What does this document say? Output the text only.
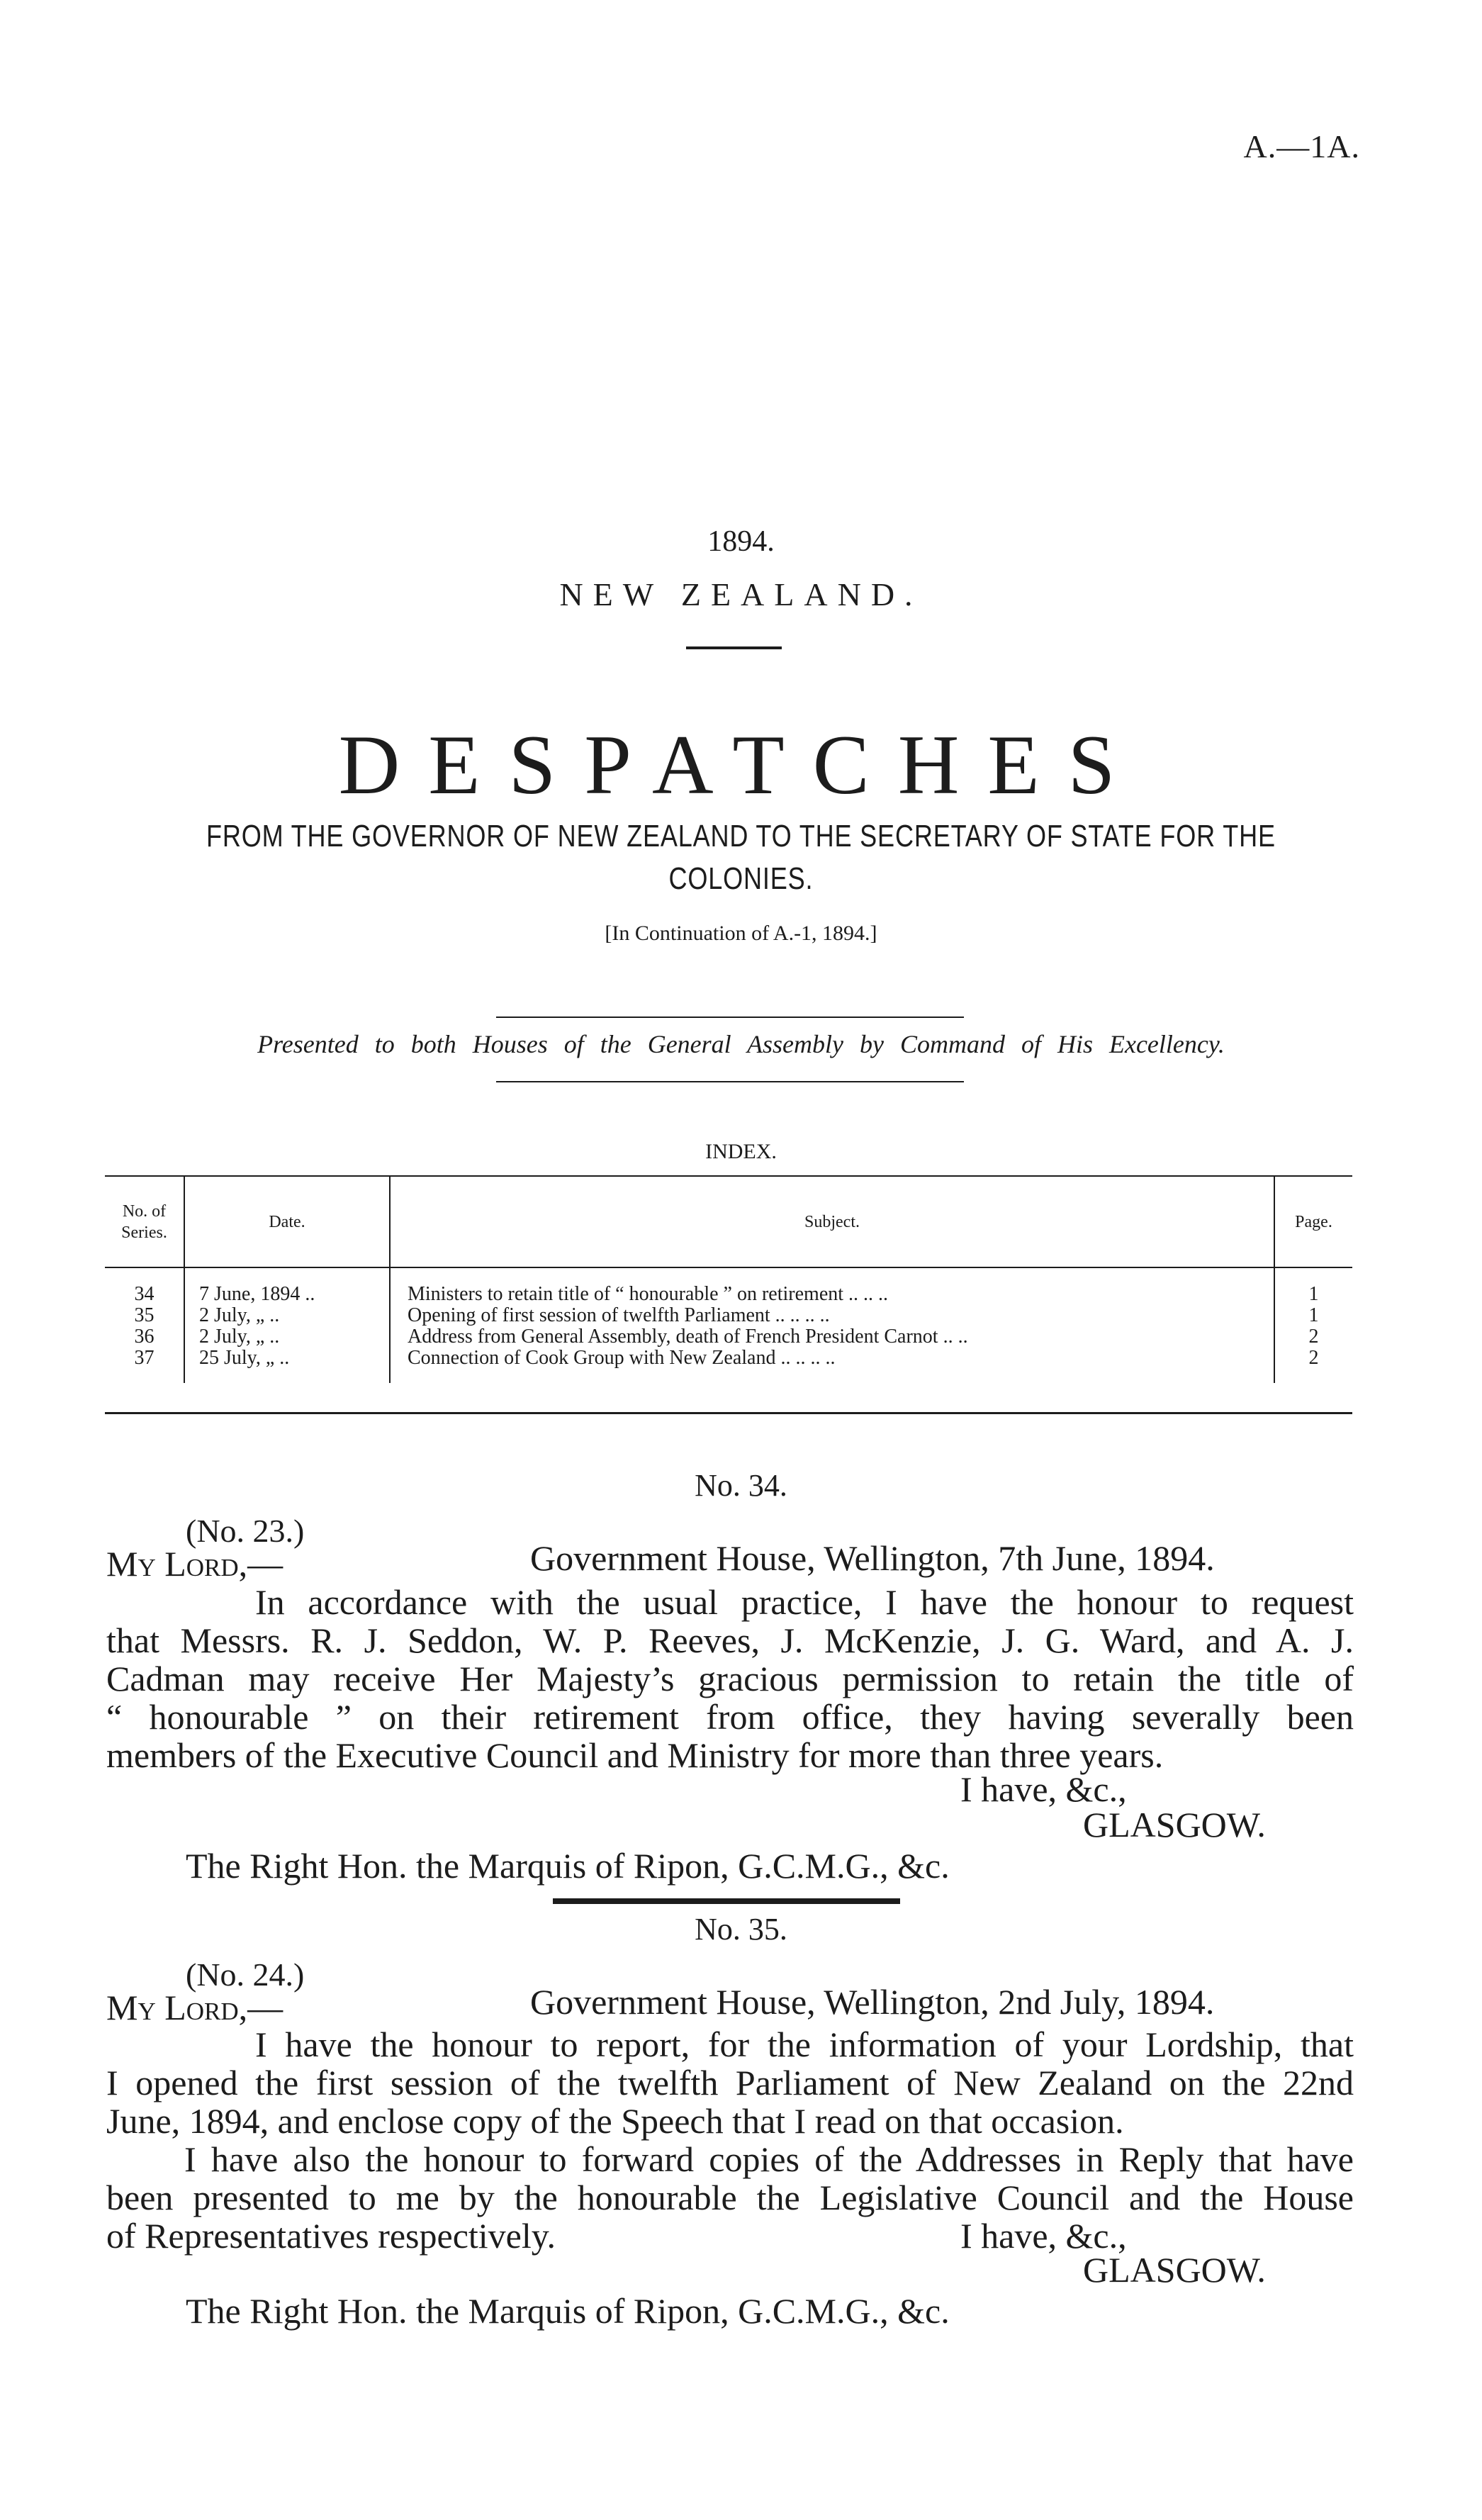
A.—1A.
1894.
NEW ZEALAND.
DESPATCHES
FROM THE GOVERNOR OF NEW ZEALAND TO THE SECRETARY OF STATE FOR THE
COLONIES.
[In Continuation of A.-1, 1894.]
Presented to both Houses of the General Assembly by Command of His Excellency.
INDEX.
No. of Series.	Date.	Subject.	Page.
34	7 June, 1894 ..	Ministers to retain title of “ honourable ” on retirement .. .. ..	1
35	2 July, „ ..	Opening of first session of twelfth Parliament .. .. .. ..	1
36	2 July, „ ..	Address from General Assembly, death of French President Carnot .. ..	2
37	25 July, „ ..	Connection of Cook Group with New Zealand .. .. .. ..	2
No. 34.
(No. 23.)
My Lord,—	Government House, Wellington, 7th June, 1894.
In accordance with the usual practice, I have the honour to request
that Messrs. R. J. Seddon, W. P. Reeves, J. McKenzie, J. G. Ward, and A. J.
Cadman may receive Her Majesty’s gracious permission to retain the title of
“ honourable ” on their retirement from office, they having severally been
members of the Executive Council and Ministry for more than three years.
I have, &c.,
GLASGOW.
The Right Hon. the Marquis of Ripon, G.C.M.G., &c.
No. 35.
(No. 24.)
My Lord,—	Government House, Wellington, 2nd July, 1894.
I have the honour to report, for the information of your Lordship, that
I opened the first session of the twelfth Parliament of New Zealand on the 22nd
June, 1894, and enclose copy of the Speech that I read on that occasion.
I have also the honour to forward copies of the Addresses in Reply that have
been presented to me by the honourable the Legislative Council and the House
of Representatives respectively.	I have, &c.,
GLASGOW.
The Right Hon. the Marquis of Ripon, G.C.M.G., &c.
